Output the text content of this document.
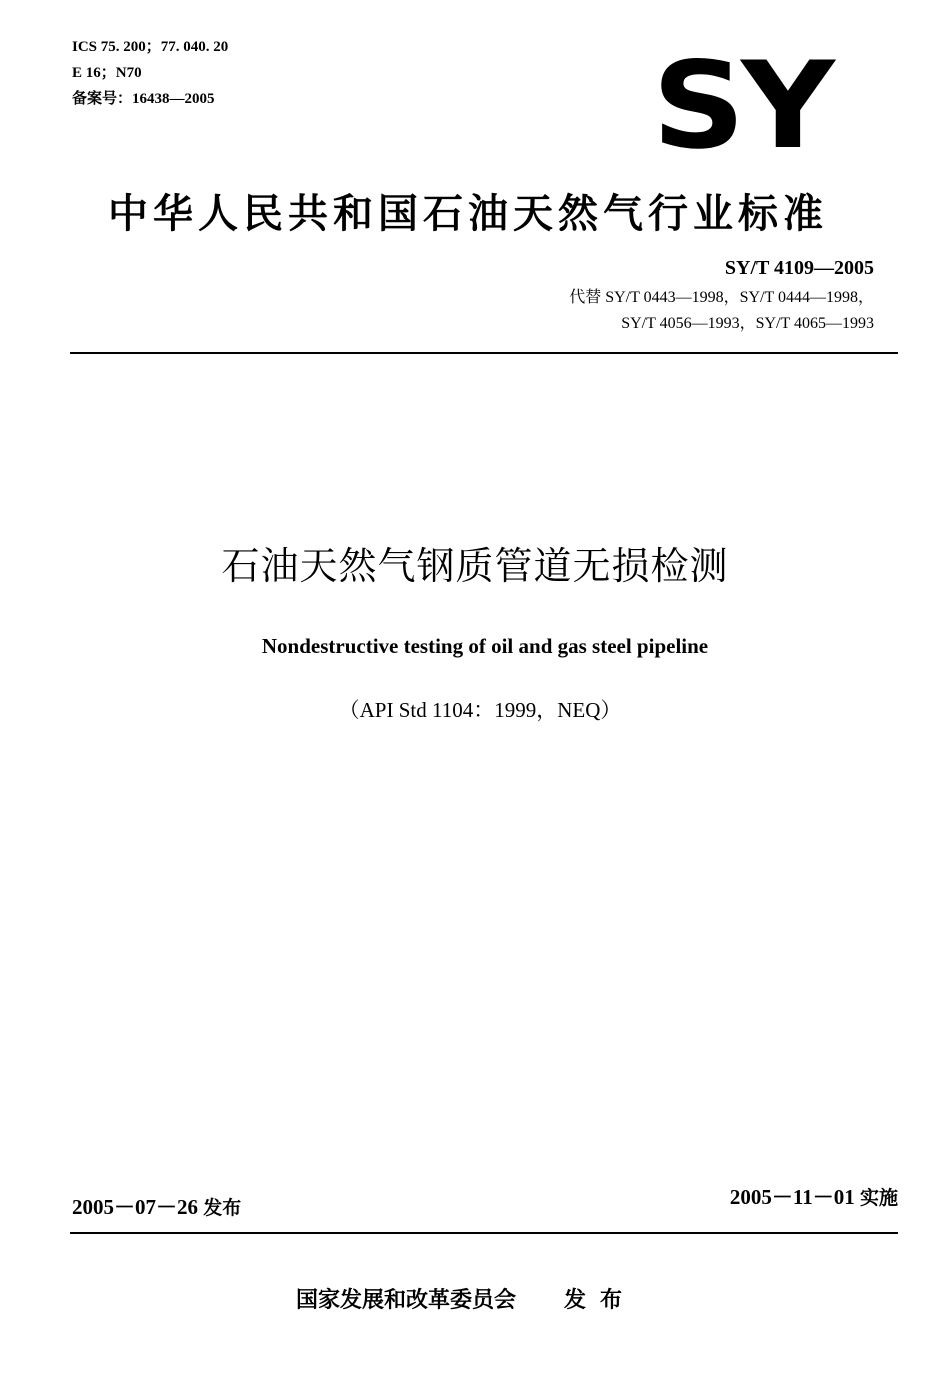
ICS 75. 200；77. 040. 20
E 16；N70
备案号：16438—2005	SY
中华人民共和国石油天然气行业标准
SY/T 4109—2005
代替 SY/T 0443—1998，SY/T 0444—1998，
SY/T 4056—1993，SY/T 4065—1993
石油天然气钢质管道无损检测
Nondestructive testing of oil and gas steel pipeline
（API Std 1104：1999，NEQ）
2005－07－26 发布	2005－11－01 实施
国家发展和改革委员会 发布
